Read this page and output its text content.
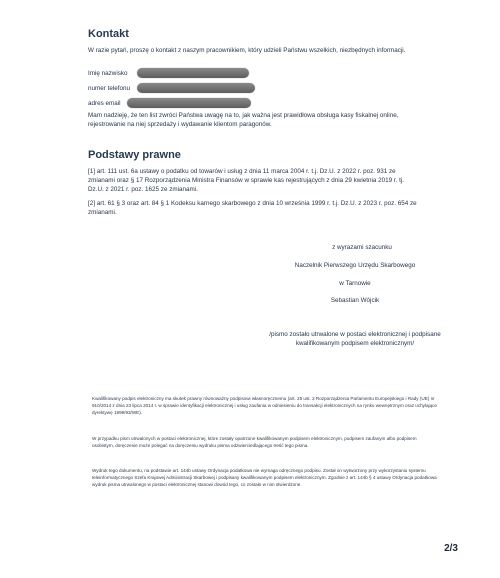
Kontakt
W razie pytań, proszę o kontakt z naszym pracownikiem, który udzieli Państwu wszelkich, niezbędnych informacji.
Imię nazwisko
numer telefonu
adres email
Mam nadzieję, że ten list zwróci Państwa uwagę na to, jak ważna jest prawidłowa obsługa kasy fiskalnej online, rejestrowanie na niej sprzedaży i wydawanie klientom paragonów.
Podstawy prawne
[1] art. 111 ust. 6a ustawy o podatku od towarów i usług z dnia 11 marca 2004 r. t.j. Dz.U. z 2022 r. poz. 931 ze zmianami oraz § 17 Rozporządzenia Ministra Finansów w sprawie kas rejestrujących z dnia 29 kwietnia 2019 r. tj. Dz.U. z 2021 r. poz. 1625 ze zmianami.
[2] art. 61 § 3 oraz art. 84 § 1 Kodeksu karnego skarbowego z dnia 10 września 1999 r. t.j. Dz.U. z 2023 r. poz. 654 ze zmianami.
z wyrazami szacunku
Naczelnik Pierwszego Urzędu Skarbowego
w Tarnowie
Sebastian Wójcik
/pismo zostało utrwalone w postaci elektronicznej i podpisane kwalifikowanym podpisem elektronicznym/
Kwalifikowany podpis elektroniczny ma skutek prawny równoważny podpisowi własnoręcznemu (art. 25 ust. 2 Rozporządzenia Parlamentu Europejskiego i Rady (UE) nr 910/2014 z dnia 23 lipca 2014 r. w sprawie identyfikacji elektronicznej i usług zaufania w odniesieniu do transakcji elektronicznych na rynku wewnętrznym oraz uchylające dyrektywę 1999/93/WE).
W przypadku pism utrwalonych w postaci elektronicznej, które zostały opatrzone kwalifikowanym podpisem elektronicznym, podpisem zaufanym albo podpisem osobistym, doręczenie może polegać na doręczeniu wydruku pisma odzwierciedlającego treść tego pisma.
Wydruk tego dokumentu, na podstawie art. 144b ustawy Ordynacja podatkowa nie wymaga odręcznego podpisu. Został on wytworzony przy wykorzystaniu systemu teleinformatycznego Szefa Krajowej Administracji Skarbowej i podpisany kwalifikowanym podpisem elektronicznym. Zgodnie z art. 144b § 4 ustawy Ordynacja podatkowa wydruk pisma utrwalonego w postaci elektronicznej stanowi dowód tego, co zostało w nim stwierdzone.
2/3
